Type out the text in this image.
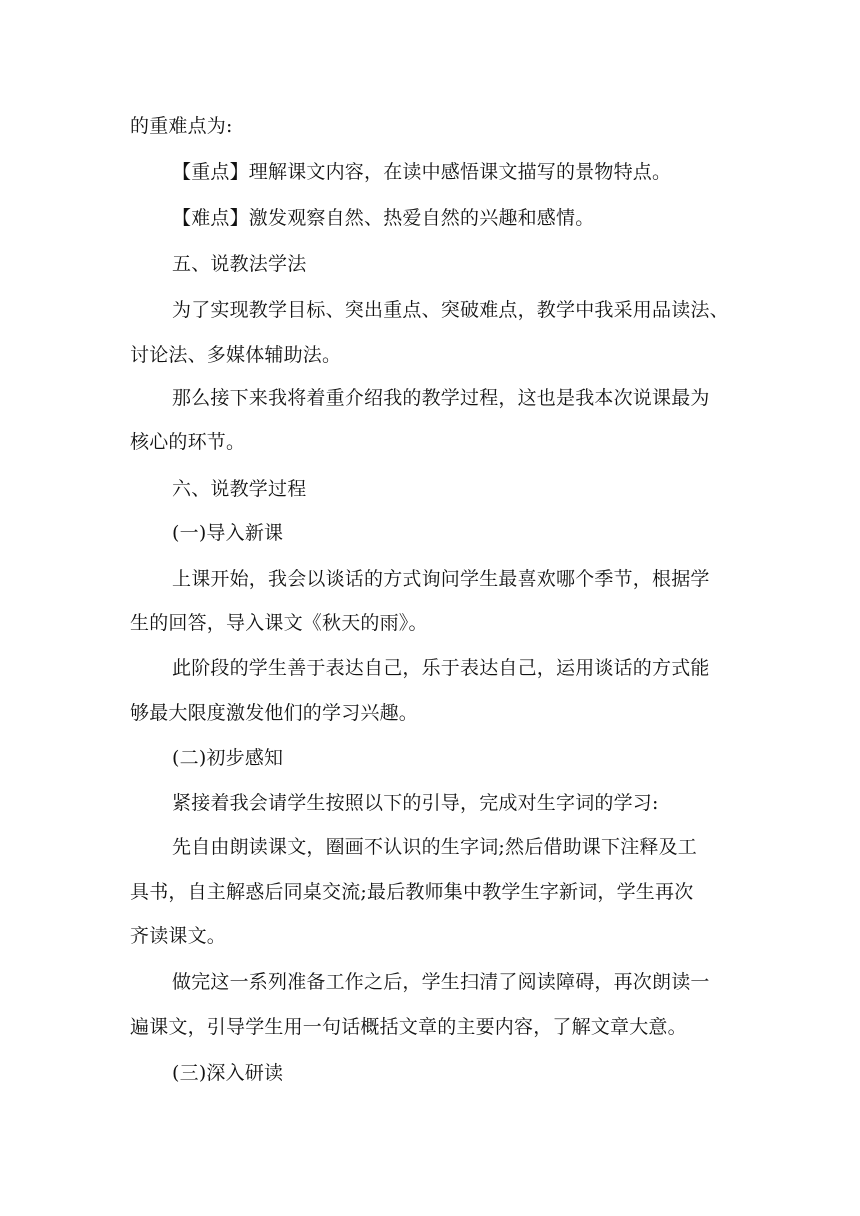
的重难点为:
【重点】理解课文内容，在读中感悟课文描写的景物特点。
【难点】激发观察自然、热爱自然的兴趣和感情。
五、说教法学法
为了实现教学目标、突出重点、突破难点，教学中我采用品读法、
讨论法、多媒体辅助法。
那么接下来我将着重介绍我的教学过程，这也是我本次说课最为
核心的环节。
六、说教学过程
(一)导入新课
上课开始，我会以谈话的方式询问学生最喜欢哪个季节，根据学
生的回答，导入课文《秋天的雨》。
此阶段的学生善于表达自己，乐于表达自己，运用谈话的方式能
够最大限度激发他们的学习兴趣。
(二)初步感知
紧接着我会请学生按照以下的引导，完成对生字词的学习:
先自由朗读课文，圈画不认识的生字词;然后借助课下注释及工
具书，自主解惑后同桌交流;最后教师集中教学生字新词，学生再次
齐读课文。
做完这一系列准备工作之后，学生扫清了阅读障碍，再次朗读一
遍课文，引导学生用一句话概括文章的主要内容，了解文章大意。
(三)深入研读
